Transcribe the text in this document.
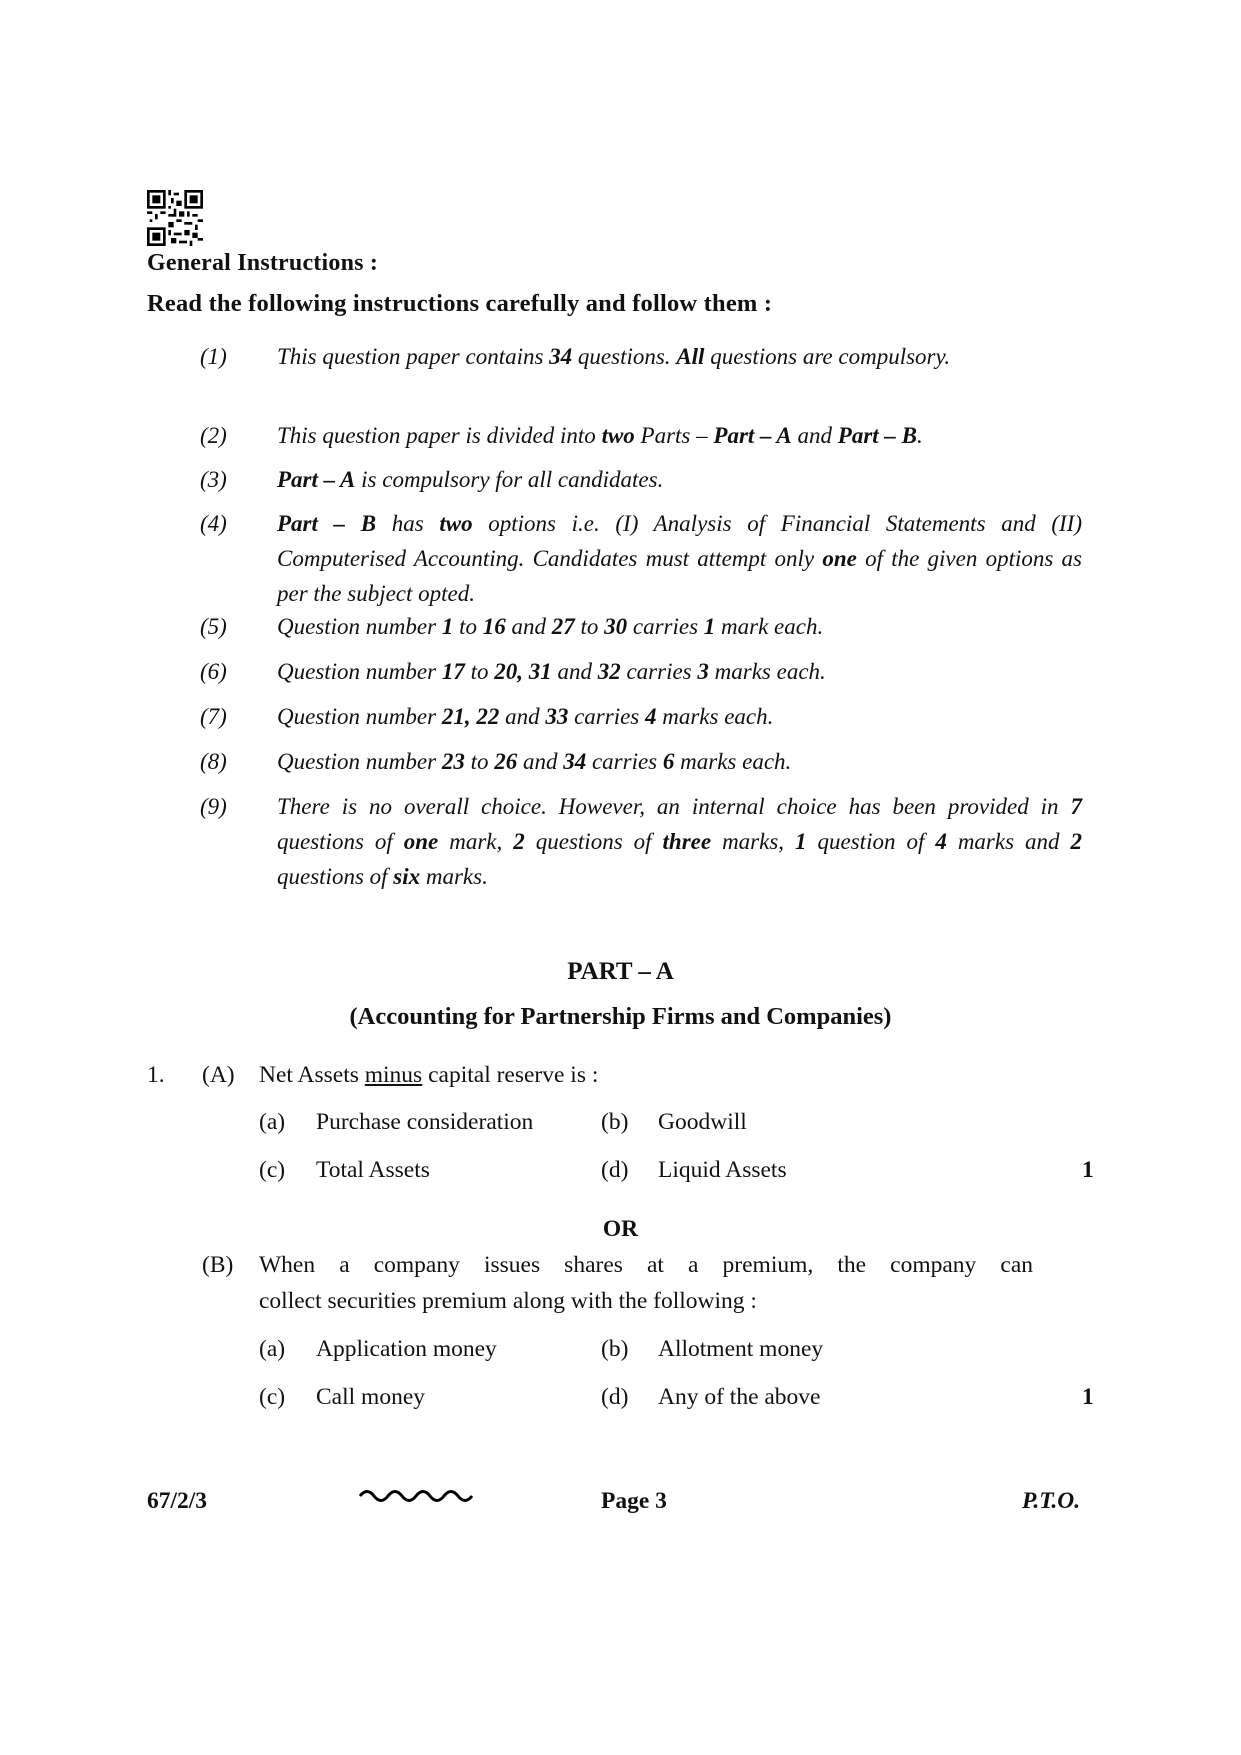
General Instructions :
Read the following instructions carefully and follow them :
(1)	This question paper contains 34 questions. All questions are compulsory.
(2)	This question paper is divided into two Parts – Part – A and Part – B.
(3)	Part – A is compulsory for all candidates.
(4)	Part – B has two options i.e. (I) Analysis of Financial Statements and (II) Computerised Accounting. Candidates must attempt only one of the given options as per the subject opted.
(5)	Question number 1 to 16 and 27 to 30 carries 1 mark each.
(6)	Question number 17 to 20, 31 and 32 carries 3 marks each.
(7)	Question number 21, 22 and 33 carries 4 marks each.
(8)	Question number 23 to 26 and 34 carries 6 marks each.
(9)	There is no overall choice. However, an internal choice has been provided in 7 questions of one mark, 2 questions of three marks, 1 question of 4 marks and 2 questions of six marks.
PART – A
(Accounting for Partnership Firms and Companies)
1. (A) Net Assets minus capital reserve is :
(a) Purchase consideration	(b) Goodwill
(c) Total Assets	(d) Liquid Assets	1
OR
(B) When a company issues shares at a premium, the company can
collect securities premium along with the following :
(a) Application money	(b) Allotment money
(c) Call money	(d) Any of the above	1
67/2/3	Page 3	P.T.O.
